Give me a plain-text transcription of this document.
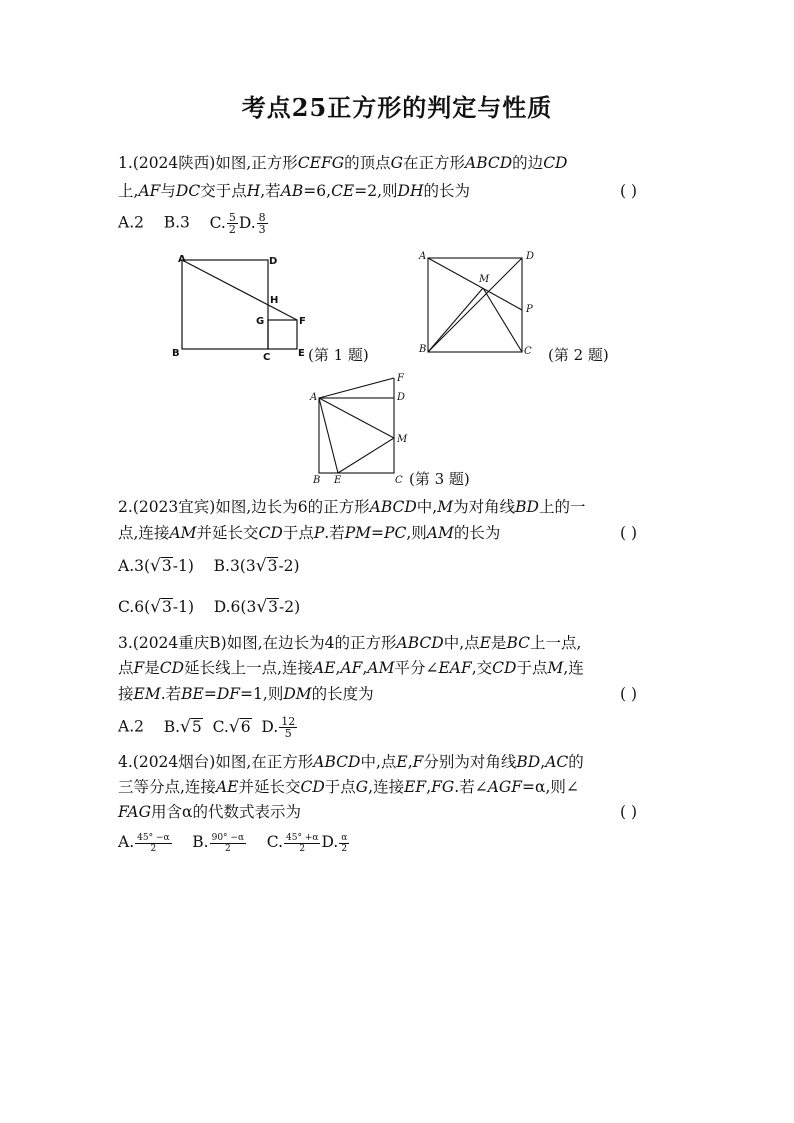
考点25正方形的判定与性质
1.(2024陕西)如图,正方形CEFG的顶点G在正方形ABCD的边CD
上,AF与DC交于点H,若AB=6,CE=2,则DH的长为	( )
A.2 B.3 C. $\frac{5}{2} D$. $\frac{8}{3}$
A	D
H
G	F
B	C	E (第 1 题)
A	D
M
P
B	C (第 2 题)
F
A	D
M
B E	C (第 3 题)
2.(2023宜宾)如图,边长为6的正方形ABCD中,M为对角线BD上的一
点,连接AM并延长交CD于点P.若PM=PC,则AM的长为	( )
A.3( √ 3 -1) B.3(3 √ 3 -2)
C.6( √ 3 -1) D.6(3 √ 3 -2)
3.(2024重庆B)如图,在边长为4的正方形ABCD中,点E是BC上一点,
点F是CD延长线上一点,连接AE,AF,AM平分∠EAF,交CD于点M,连
接EM.若BE=DF=1,则DM的长度为	( )
A.2 B. √ 5 C. √ 6 D. $\frac{12}{5}$
4.(2024烟台)如图,在正方形ABCD中,点E,F分别为对角线BD,AC的
三等分点,连接AE并延长交CD于点G,连接EF,FG.若∠AGF=α,则∠
FAG用含α的代数式表示为	( )
A. $\frac{45^\circ -\alpha}{2} B$. $\frac{90^\circ -\alpha}{2} C$. $\frac{45^\circ +\alpha}{2} D$. $\frac{\alpha}{2}$
